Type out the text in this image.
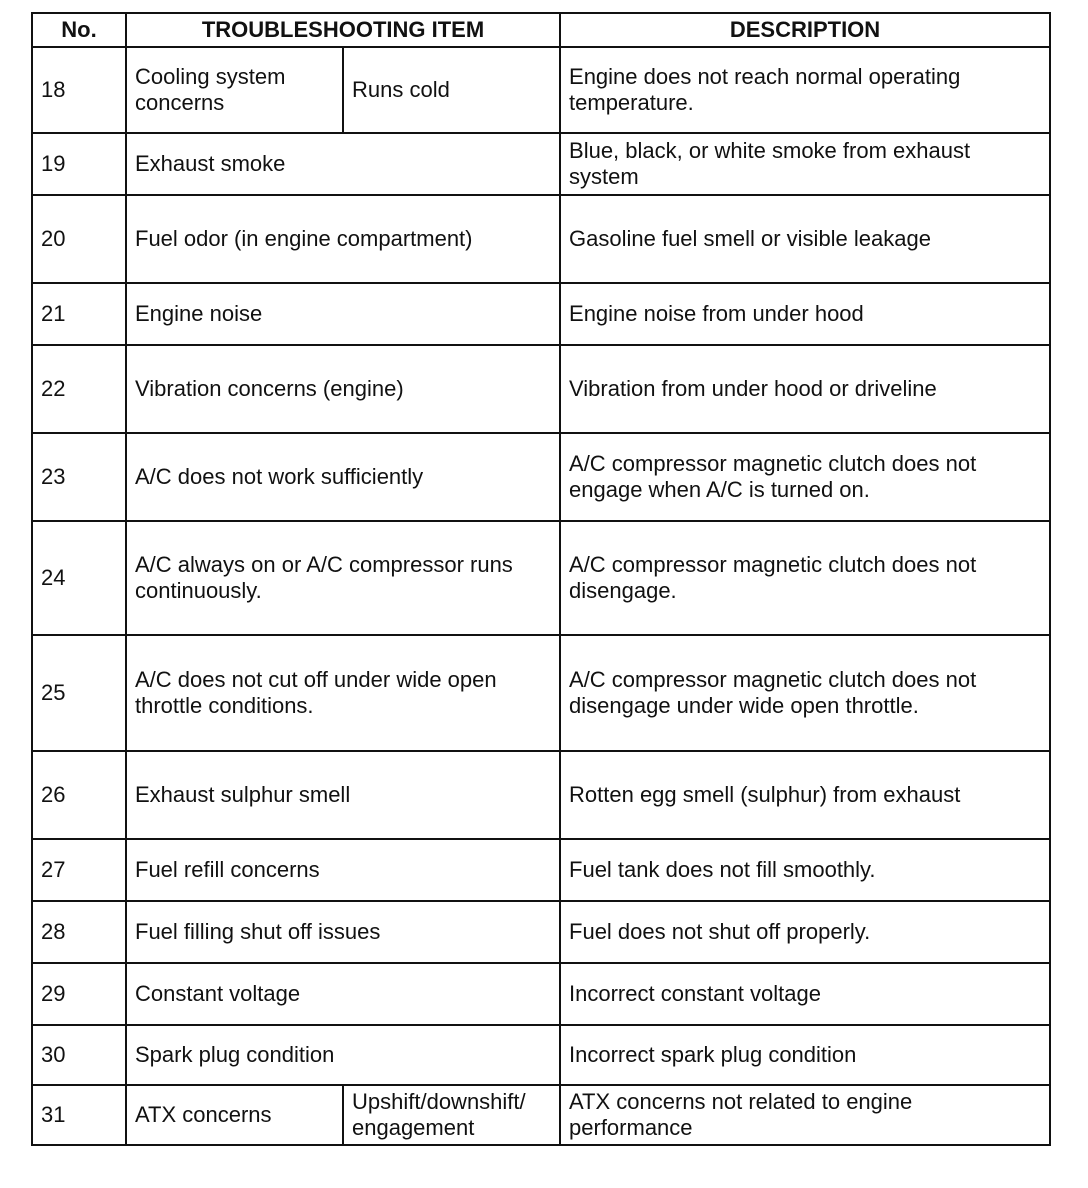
No.	TROUBLESHOOTING ITEM		DESCRIPTION
18	Cooling system concerns	Runs cold	Engine does not reach normal operating temperature.
19	Exhaust smoke		Blue, black, or white smoke from exhaust system
20	Fuel odor (in engine compartment)		Gasoline fuel smell or visible leakage
21	Engine noise		Engine noise from under hood
22	Vibration concerns (engine)		Vibration from under hood or driveline
23	A/C does not work sufficiently		A/C compressor magnetic clutch does not engage when A/C is turned on.
24	A/C always on or A/C compressor runs continuously.		A/C compressor magnetic clutch does not disengage.
25	A/C does not cut off under wide open throttle conditions.		A/C compressor magnetic clutch does not disengage under wide open throttle.
26	Exhaust sulphur smell		Rotten egg smell (sulphur) from exhaust
27	Fuel refill concerns		Fuel tank does not fill smoothly.
28	Fuel filling shut off issues		Fuel does not shut off properly.
29	Constant voltage		Incorrect constant voltage
30	Spark plug condition		Incorrect spark plug condition
31	ATX concerns	Upshift/downshift/ engagement	ATX concerns not related to engine performance
